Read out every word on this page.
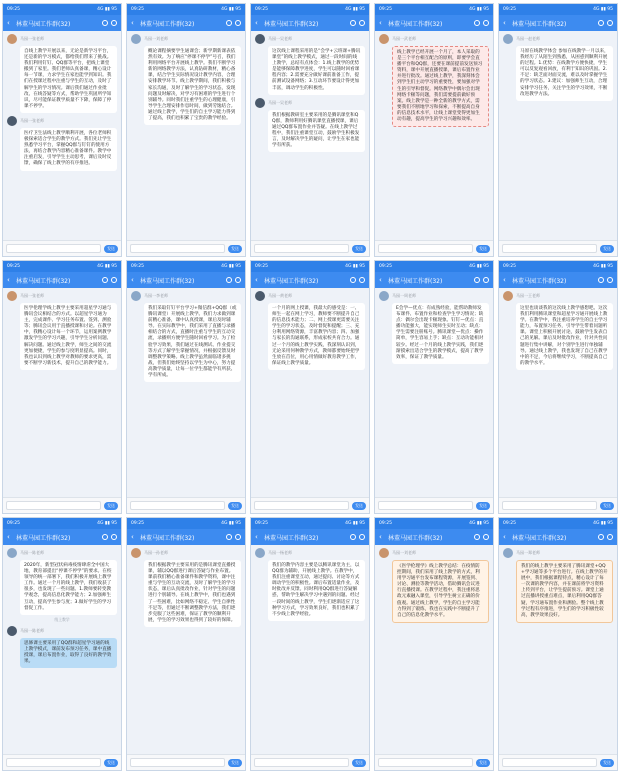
09:25	4G ▮▮ 95
‹	林董马园工作群(32)
马园一张老师
自线上教学开展以来，无论是新学习平台，还是新的学习模式，都给我们带来了挑战。我们利用钉钉、QQ群等平台，把线上课堂搬到了家里。我们老师认真备课，精心设计每一节课，力求学生在家也能学到知识。我们在授课过程中注重与学生的互动，及时了解学生的学习情况。课后我们通过作业批改、在线答疑等方式，帮助学生巩固所学知识，尽可能保证教学质量不下降，保障了停课不停学。
马园一张老师
医疗卫生法线上教学顺利开展，各位老师积极探索适合学生的教学方式。我们先让学生熟悉学习平台，掌握QQ群与钉钉的使用方法，再结合教学内容精心准备课件。教学中注重启发，引导学生主动思考，课后及时反馈，确保了线上教学的有序推进。
发送
09:25	4G ▮▮ 95
‹	林董马园工作群(32)
马园一刘老师
概论课程摘要学生通课会；新学期新课表依然有效。为了响应“停课不停学”号召，我们利用网络平台开展线上教学。我们不断学习新的网络教学方法，认真钻研教材，精心备课，结合学生实际情况设计教学内容，合理安排教学环节。线上教学期间，我们积极与家长沟通，及时了解学生的学习状态，发现问题及时解决，对学习有困难的学生进行个别辅导。同时我们注重学生的心理健康，引导学生合理安排作息时间，做到劳逸结合。通过线上教学，学生们的自主学习能力得到了提高，我们也积累了宝贵的教学经验。
发送
09:25	4G ▮▮ 95
‹	林董马园工作群(32)
马园一吴老师
这次线上课程采用的是“会学+云班课+腾讯课堂”的线上教学模式，通过一段时间的线上教学，总结有点体会：1.线上教学的优势是能够保障教学进度，学生可以随时回看课程内容；2.需要充分做好课前准备工作，提前测试设备网络；3.互动环节要设计得更加丰富，调动学生的积极性。
马园一吴老师
我们根据教研室主要采用的是腾讯课堂和QQ群，教师利用好腾讯课堂直播授课，课后通过QQ群布置作业并答疑。在线上教学过程中，我们注重课堂互动，鼓励学生积极发言，及时解决学生的疑问，让学生在家也能学有所获。
发送
09:25	4G ▮▮ 95
‹	林董马园工作群(32)
马园一武老师
线上教学已经开展一个月了，本人采取的是三个平台相互配合的原则，即要学会直播平台和QQ群，还要在课前提前发送预习资料，课中开展直播授课，课后布置作业并进行批改。通过线上教学，我深刻体会到学生们主动学习的重要性，要加强对学生的引导和督促。网络教学中偶尔会出现网络卡顿等问题，我们需要提前做好预案。线上教学是一种全新的教学方式，需要我们不断地学习和探索，不断提高自身的信息技术水平，让线上课堂变得更加生动有趣，提高学生的学习兴趣和效率。
发送
09:25	4G ▮▮ 95
‹	林董马园工作群(32)
马园一赵老师
马原在线教学体会 参加在线教学一月以来，我经历了从陌生到熟悉，从困惑到顺利开展的过程。1.优势：在线教学方便快捷，学生可以反复观看回放，有利于知识的巩固。2.不足：缺乏面对面交流，难以及时掌握学生的学习状态。3.建议：加强师生互动，合理安排学习任务，关注学生的学习效果，不断改进教学方法。
发送
09:25	4G ▮▮ 95
‹	林董马园工作群(32)
马园一张老师
医学伦理学线上教学主要采用超星学习通与腾讯会议相结合的方式。以超星学习通为主，完成课件、学习任务布置、签到、测验等；腾讯会议用于直播授课和讨论。在教学中，我精心设计每一个环节，运用案例教学激发学生的学习兴趣，引导学生分析问题、解决问题。通过线上教学，师生之间的交流更加便捷，学生的参与度明显提高。同时，我也认识到线上教学对教师的要求更高，需要不断学习新技术，提升自己的教学能力。
发送
09:25	4G ▮▮ 95
‹	林董马园工作群(32)
马园一李老师
我们采取钉钉平台学习+微信群+QQ群（或腾讯课堂）开展线上教学。我们力求做到课前精心准备，课中认真授课，课后及时辅导。在实际教学中，我们采用了直播与录播相结合的方式，直播时注重与学生的互动交流，录播则方便学生随时回看学习。为了检验学习效果，我们通过在线测试、作业提交等方式了解学生掌握情况，并根据反馈及时调整教学策略。线上教学虽然面临诸多挑战，但我们始终坚持以学生为中心，努力提高教学质量，让每一位学生都能学有所获、学有所成。
发送
09:25	4G ▮▮ 95
‹	林董马园工作群(32)
马园一黄老师
一个月的网上授课，我最大的感受是：一、师生一起在网上学习，教师要不断提升自己的信息技术能力；二、网上授课更需要关注学生的学习状态，及时督促和提醒；三、充分利用网络资源，丰富教学内容；四、加强与家长的沟通联系，形成家校共育合力。通过一个月的线上教学实践，我深刻认识到，无论采用何种教学方式，教师都要始终把学生放在首位，用心用情做好教育教学工作，保证线上教学质量。
发送
09:25	4G ▮▮ 95
‹	林董马园工作群(32)
马园一周老师
E会学—优点：有成熟经验，能帮助教师发布课件、布置作业和检查学生学习情况；缺点：偶尔会出现卡顿现象。钉钉—优点：直播功能强大，能实现师生实时互动；缺点：学生需要注册账号。腾讯课堂—优点：操作简单，学生容易上手；缺点：互动功能相对较少。经过一个月的线上教学实践，我们逐渐摸索出适合学生的教学模式，提高了教学效率，保证了教学质量。
发送
09:25	4G ▮▮ 95
‹	林董马园工作群(32)
马园一王老师
这里也谈谈我的这次线上教学感想吧。这次我们利用腾讯课堂和超星学习通开展线上教学。在教学中，我注重培养学生的自主学习能力，布置预习任务，引导学生带着问题听课。课堂上积极开展讨论，鼓励学生发表自己的见解。课后及时批改作业，针对共性问题进行集中讲解，对个别学生进行单独辅导。通过线上教学，我也发现了自己在教学中的不足，今后将继续学习，不断提高自己的教学水平。
发送
09:25	4G ▮▮ 95
‹	林董马园工作群(32)
马园一陈老师
2020年，新型冠状病毒疫情肆虐全中国大地，教育部提出“停课不停学”的要求。在校领导的统一部署下，我们积极开展线上教学工作。通过一个月的线上教学，我们收获了很多，也发现了一些问题。1.教师要转变教学观念，提高信息化教学能力；2.加强师生互动，提高学生参与度；3.做好学生的学习督促工作。
线上教学
马园一陈老师
思修课主要采用了QQ群和超星学习通的线上教学模式，课前发布预习任务，课中直播授课，课后布置作业，取得了良好的教学效果。
发送
09:25	4G ▮▮ 95
‹	林董马园工作群(32)
马园一孙老师
我们根据教学主要采用的是腾讯课堂直播授课，辅以QQ群进行课后答疑与作业布置。课前我们精心准备课件和教学资料，课中注重与学生的互动交流，及时了解学生的学习状态，课后认真批改作业，针对学生的问题进行个别辅导。在线上教学中，我们也遇到了一些困难，比如网络不稳定、学生自律性不足等，但通过不断调整教学方法，我们逐步克服了这些困难，保证了教学的顺利开展，学生的学习效果也得到了较好的保障。
发送
09:25	4G ▮▮ 95
‹	林董马园工作群(32)
马园一杨老师
我们的教学内容主要是以腾讯课堂为主，以QQ群为辅助，开展线上教学。在教学中，我们注重课堂互动，通过提问、讨论等方式调动学生的积极性。课后布置适量作业，及时批改并反馈。同时利用QQ群进行答疑解惑，帮助学生解决学习中遇到的问题。经过一段时间的线上教学，学生们逐渐适应了这种学习方式，学习效果良好，我们也积累了不少线上教学经验。
发送
09:25	4G ▮▮ 95
‹	林董马园工作群(32)
马园一刘老师
《医学伦理学》线上教学总结：在疫情防控期间，我们采用了线上教学的方式，利用学习通平台发布课程资源，开展签到、讨论、测验等教学活动，借助腾讯会议进行直播授课。在教学过程中，我注重将思政元素融入课堂，引导学生树立正确的价值观。通过线上教学，学生的自主学习能力得到了锻炼，我也在实践中不断提升了自己的信息化教学水平。
发送
09:25	4G ▮▮ 95
‹	林董马园工作群(32)
马园一郑老师
我们的线上教学主要采用了腾讯课堂+QQ+学习通等多个平台进行。在线上教学的开展中，我们根据课程特点，精心设计了每一次课的教学内容，并在课前将学习资料上传到平台，让学生提前预习。课堂上通过直播讲授重点难点，课后利用QQ群答疑，学习通布置作业和测验。整个线上教学过程有序推进，学生们的学习积极性较高，教学效果良好。
发送
